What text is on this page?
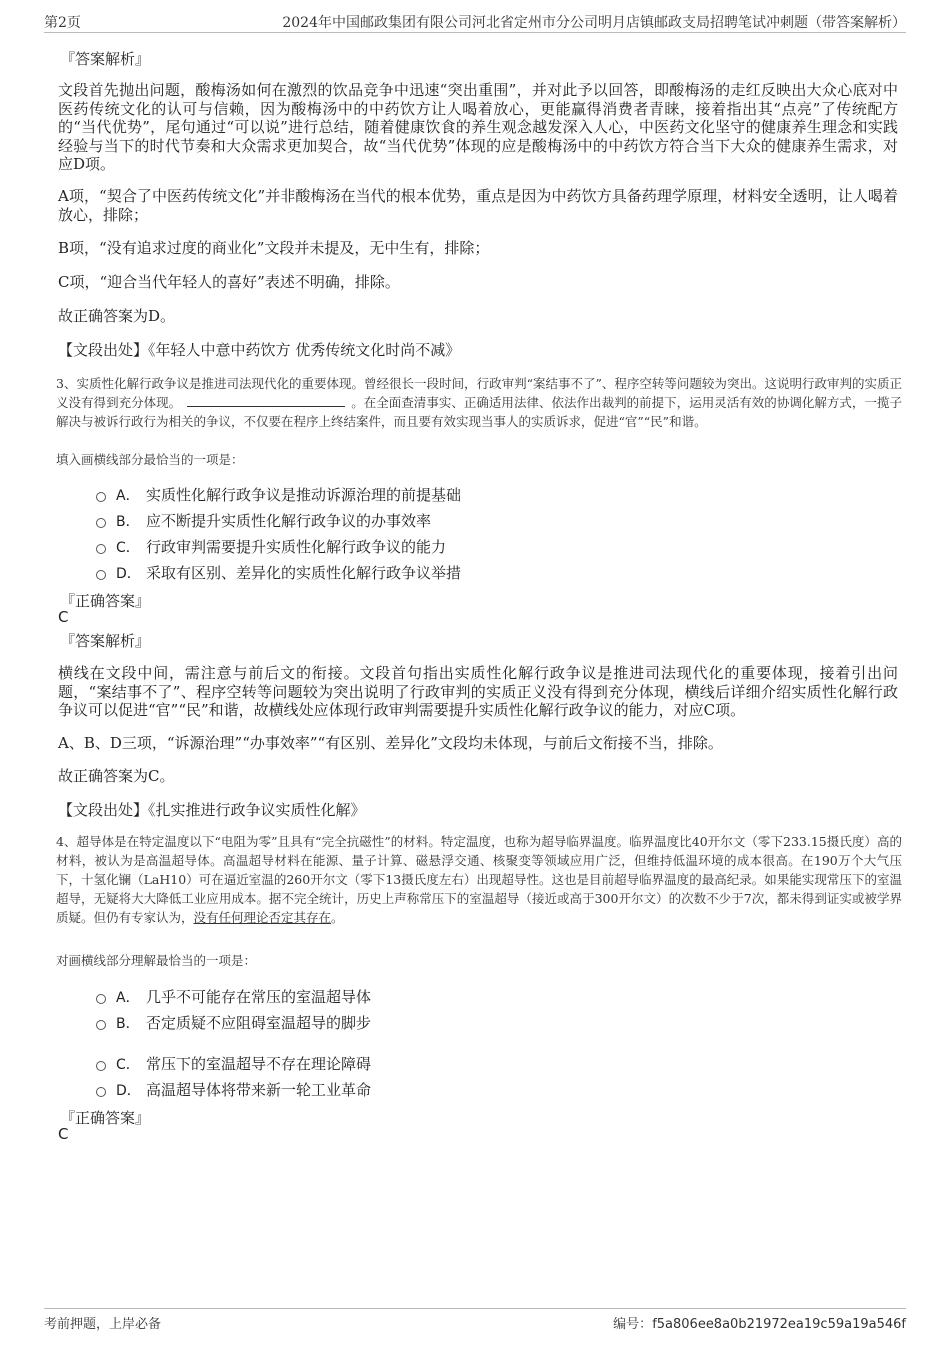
第2页	2024年中国邮政集团有限公司河北省定州市分公司明月店镇邮政支局招聘笔试冲刺题（带答案解析）
『答案解析』
文段首先抛出问题，酸梅汤如何在激烈的饮品竞争中迅速“突出重围”，并对此予以回答，即酸梅汤的走红反映出大众心底对中医药传统文化的认可与信赖，因为酸梅汤中的中药饮方让人喝着放心，更能赢得消费者青睐，接着指出其“点亮”了传统配方的“当代优势”，尾句通过“可以说”进行总结，随着健康饮食的养生观念越发深入人心，中医药文化坚守的健康养生理念和实践经验与当下的时代节奏和大众需求更加契合，故“当代优势”体现的应是酸梅汤中的中药饮方符合当下大众的健康养生需求，对应D项。
A项，“契合了中医药传统文化”并非酸梅汤在当代的根本优势，重点是因为中药饮方具备药理学原理，材料安全透明，让人喝着放心，排除；
B项，“没有追求过度的商业化”文段并未提及，无中生有，排除；
C项，“迎合当代年轻人的喜好”表述不明确，排除。
故正确答案为D。
【文段出处】《年轻人中意中药饮方 优秀传统文化时尚不减》
3、实质性化解行政争议是推进司法现代化的重要体现。曾经很长一段时间，行政审判“案结事不了”、程序空转等问题较为突出。这说明行政审判的实质正义没有得到充分体现。	。在全面查清事实、正确适用法律、依法作出裁判的前提下，运用灵活有效的协调化解方式，一揽子解决与被诉行政行为相关的争议，不仅要在程序上终结案件，而且要有效实现当事人的实质诉求，促进“官”“民”和谐。
填入画横线部分最恰当的一项是：
A． 实质性化解行政争议是推动诉源治理的前提基础
B． 应不断提升实质性化解行政争议的办事效率
C． 行政审判需要提升实质性化解行政争议的能力
D． 采取有区别、差异化的实质性化解行政争议举措
『正确答案』
C
『答案解析』
横线在文段中间，需注意与前后文的衔接。文段首句指出实质性化解行政争议是推进司法现代化的重要体现，接着引出问题，“案结事不了”、程序空转等问题较为突出说明了行政审判的实质正义没有得到充分体现，横线后详细介绍实质性化解行政争议可以促进“官”“民”和谐，故横线处应体现行政审判需要提升实质性化解行政争议的能力，对应C项。
A、B、D三项，“诉源治理”“办事效率”“有区别、差异化”文段均未体现，与前后文衔接不当，排除。
故正确答案为C。
【文段出处】《扎实推进行政争议实质性化解》
4、超导体是在特定温度以下“电阻为零”且具有“完全抗磁性”的材料。特定温度，也称为超导临界温度。临界温度比40开尔文（零下233.15摄氏度）高的材料，被认为是高温超导体。高温超导材料在能源、量子计算、磁悬浮交通、核聚变等领域应用广泛，但维持低温环境的成本很高。在190万个大气压下，十氢化镧（LaH10）可在逼近室温的260开尔文（零下13摄氏度左右）出现超导性。这也是目前超导临界温度的最高纪录。如果能实现常压下的室温超导，无疑将大大降低工业应用成本。据不完全统计，历史上声称常压下的室温超导（接近或高于300开尔文）的次数不少于7次，都未得到证实或被学界质疑。但仍有专家认为，没有任何理论否定其存在。
对画横线部分理解最恰当的一项是：
A． 几乎不可能存在常压的室温超导体
B． 否定质疑不应阻碍室温超导的脚步
C． 常压下的室温超导不存在理论障碍
D． 高温超导体将带来新一轮工业革命
『正确答案』
C
考前押题，上岸必备	编号：f5a806ee8a0b21972ea19c59a19a546f
